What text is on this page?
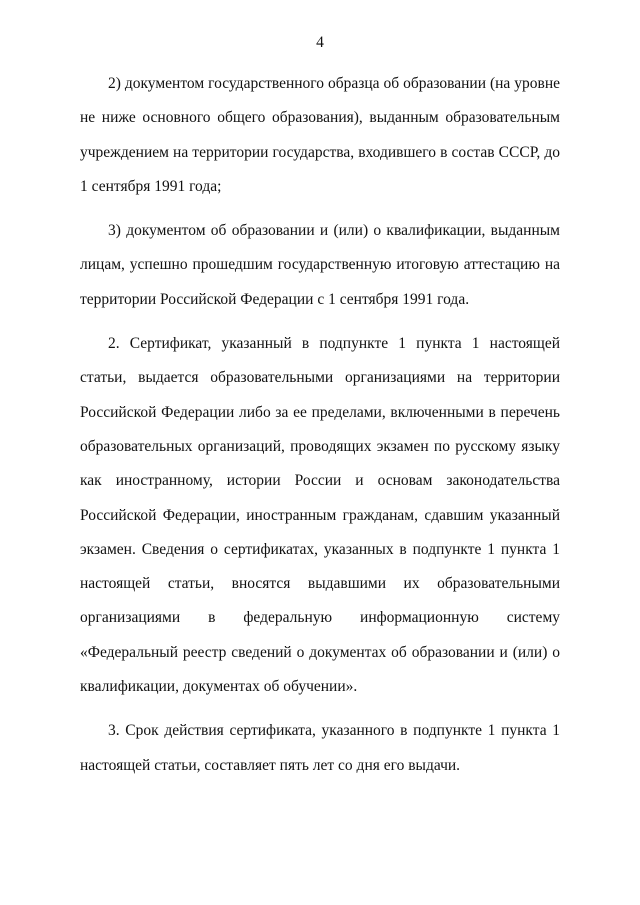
4

2) документом государственного образца об образовании (на уровне не ниже основного общего образования), выданным образовательным учреждением на территории государства, входившего в состав СССР, до 1 сентября 1991 года;

3) документом об образовании и (или) о квалификации, выданным лицам, успешно прошедшим государственную итоговую аттестацию на территории Российской Федерации с 1 сентября 1991 года.

2. Сертификат, указанный в подпункте 1 пункта 1 настоящей статьи, выдается образовательными организациями на территории Российской Федерации либо за ее пределами, включенными в перечень образовательных организаций, проводящих экзамен по русскому языку как иностранному, истории России и основам законодательства Российской Федерации, иностранным гражданам, сдавшим указанный экзамен. Сведения о сертификатах, указанных в подпункте 1 пункта 1 настоящей статьи, вносятся выдавшими их образовательными организациями в федеральную информационную систему «Федеральный реестр сведений о документах об образовании и (или) о квалификации, документах об обучении».

3. Срок действия сертификата, указанного в подпункте 1 пункта 1 настоящей статьи, составляет пять лет со дня его выдачи.
